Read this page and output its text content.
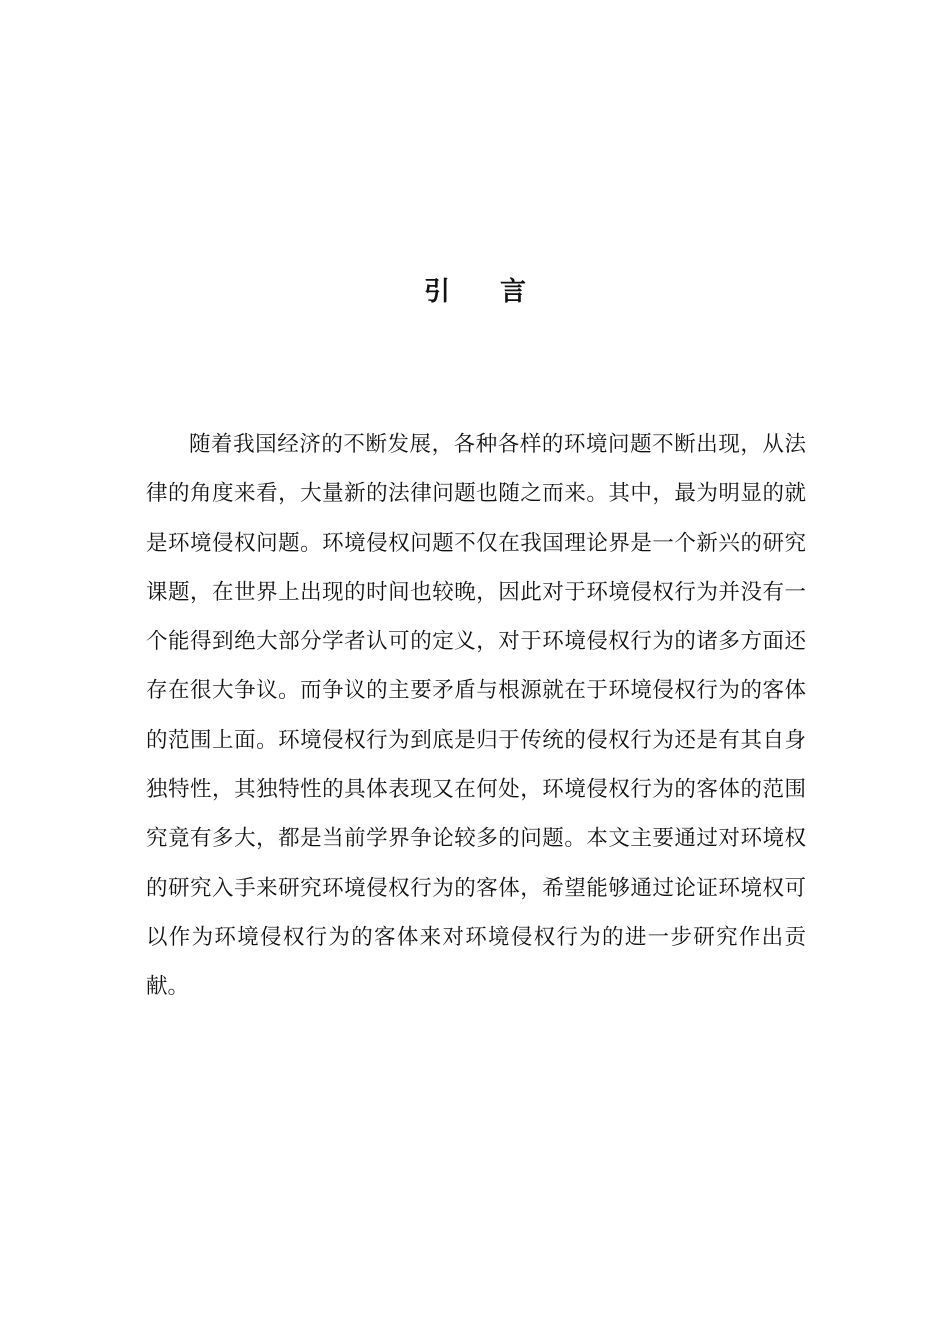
引言

随着我国经济的不断发展，各种各样的环境问题不断出现，从法律的角度来看，大量新的法律问题也随之而来。其中，最为明显的就是环境侵权问题。环境侵权问题不仅在我国理论界是一个新兴的研究课题，在世界上出现的时间也较晚，因此对于环境侵权行为并没有一个能得到绝大部分学者认可的定义，对于环境侵权行为的诸多方面还存在很大争议。而争议的主要矛盾与根源就在于环境侵权行为的客体的范围上面。环境侵权行为到底是归于传统的侵权行为还是有其自身独特性，其独特性的具体表现又在何处，环境侵权行为的客体的范围究竟有多大，都是当前学界争论较多的问题。本文主要通过对环境权的研究入手来研究环境侵权行为的客体，希望能够通过论证环境权可以作为环境侵权行为的客体来对环境侵权行为的进一步研究作出贡献。
